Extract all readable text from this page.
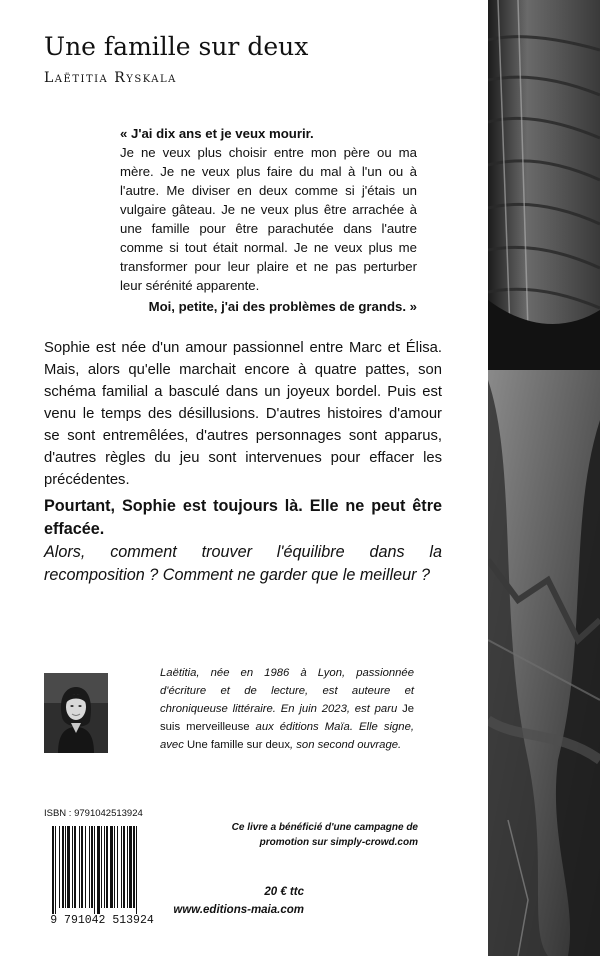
Une famille sur deux
Laëtitia Ryskala

« J'ai dix ans et je veux mourir.

Je ne veux plus choisir entre mon père ou ma mère. Je ne veux plus faire du mal à l'un ou à l'autre. Me diviser en deux comme si j'étais un vulgaire gâteau. Je ne veux plus être arrachée à une famille pour être parachutée dans l'autre comme si tout était normal. Je ne veux plus me transformer pour leur plaire et ne pas perturber leur sérénité apparente.

Moi, petite, j'ai des problèmes de grands. »

Sophie est née d'un amour passionnel entre Marc et Élisa. Mais, alors qu'elle marchait encore à quatre pattes, son schéma familial a basculé dans un joyeux bordel. Puis est venu le temps des désillusions. D'autres histoires d'amour se sont entremêlées, d'autres personnages sont apparus, d'autres règles du jeu sont intervenues pour effacer les précédentes.

Pourtant, Sophie est toujours là. Elle ne peut être effacée.
Alors, comment trouver l'équilibre dans la recomposition ? Comment ne garder que le meilleur ?

Laëtitia, née en 1986 à Lyon, passionnée d'écriture et de lecture, est auteure et chroniqueuse littéraire. En juin 2023, est paru Je suis merveilleuse aux éditions Maïa. Elle signe, avec Une famille sur deux, son second ouvrage.

ISBN : 9791042513924
9 791042 513924

Ce livre a bénéficié d'une campagne de promotion sur simply-crowd.com

20 € ttc
www.editions-maia.com
